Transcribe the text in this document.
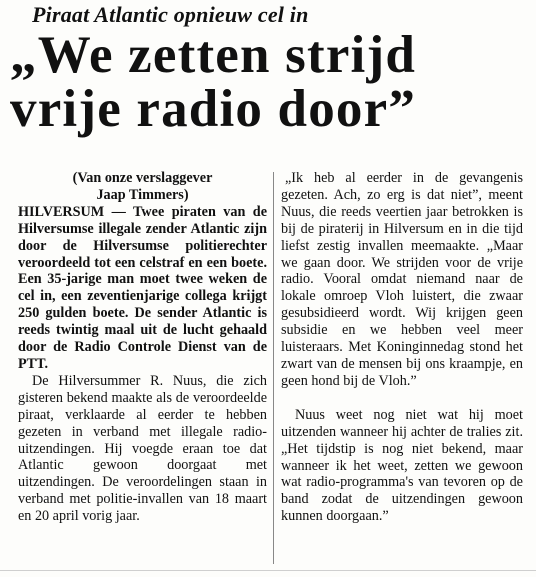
Piraat Atlantic opnieuw cel in
„We zetten strijd
vrije radio door”
(Van onze verslaggever
Jaap Timmers)

HILVERSUM — Twee piraten van de Hilversumse illegale zender Atlantic zijn door de Hilversumse politierechter veroordeeld tot een celstraf en een boete. Een 35-jarige man moet twee weken de cel in, een zeventienjarige collega krijgt 250 gulden boete. De sender Atlantic is reeds twintig maal uit de lucht gehaald door de Radio Controle Dienst van de PTT.

De Hilversummer R. Nuus, die zich gisteren bekend maakte als de veroordeelde piraat, verklaarde al eerder te hebben gezeten in verband met illegale radio-uitzendingen. Hij voegde eraan toe dat Atlantic gewoon doorgaat met uitzendingen. De veroordelingen staan in verband met politie-invallen van 18 maart en 20 april vorig jaar.

„Ik heb al eerder in de gevangenis gezeten. Ach, zo erg is dat niet”, meent Nuus, die reeds veertien jaar betrokken is bij de piraterij in Hilversum en in die tijd liefst zestig invallen meemaakte. „Maar we gaan door. We strijden voor de vrije radio. Vooral omdat niemand naar de lokale omroep Vloh luistert, die zwaar gesubsidieerd wordt. Wij krijgen geen subsidie en we hebben veel meer luisteraars. Met Koninginnedag stond het zwart van de mensen bij ons kraampje, en geen hond bij de Vloh.”

Nuus weet nog niet wat hij moet uitzenden wanneer hij achter de tralies zit. „Het tijdstip is nog niet bekend, maar wanneer ik het weet, zetten we gewoon wat radio-programma's van tevoren op de band zodat de uitzendingen gewoon kunnen doorgaan.”
